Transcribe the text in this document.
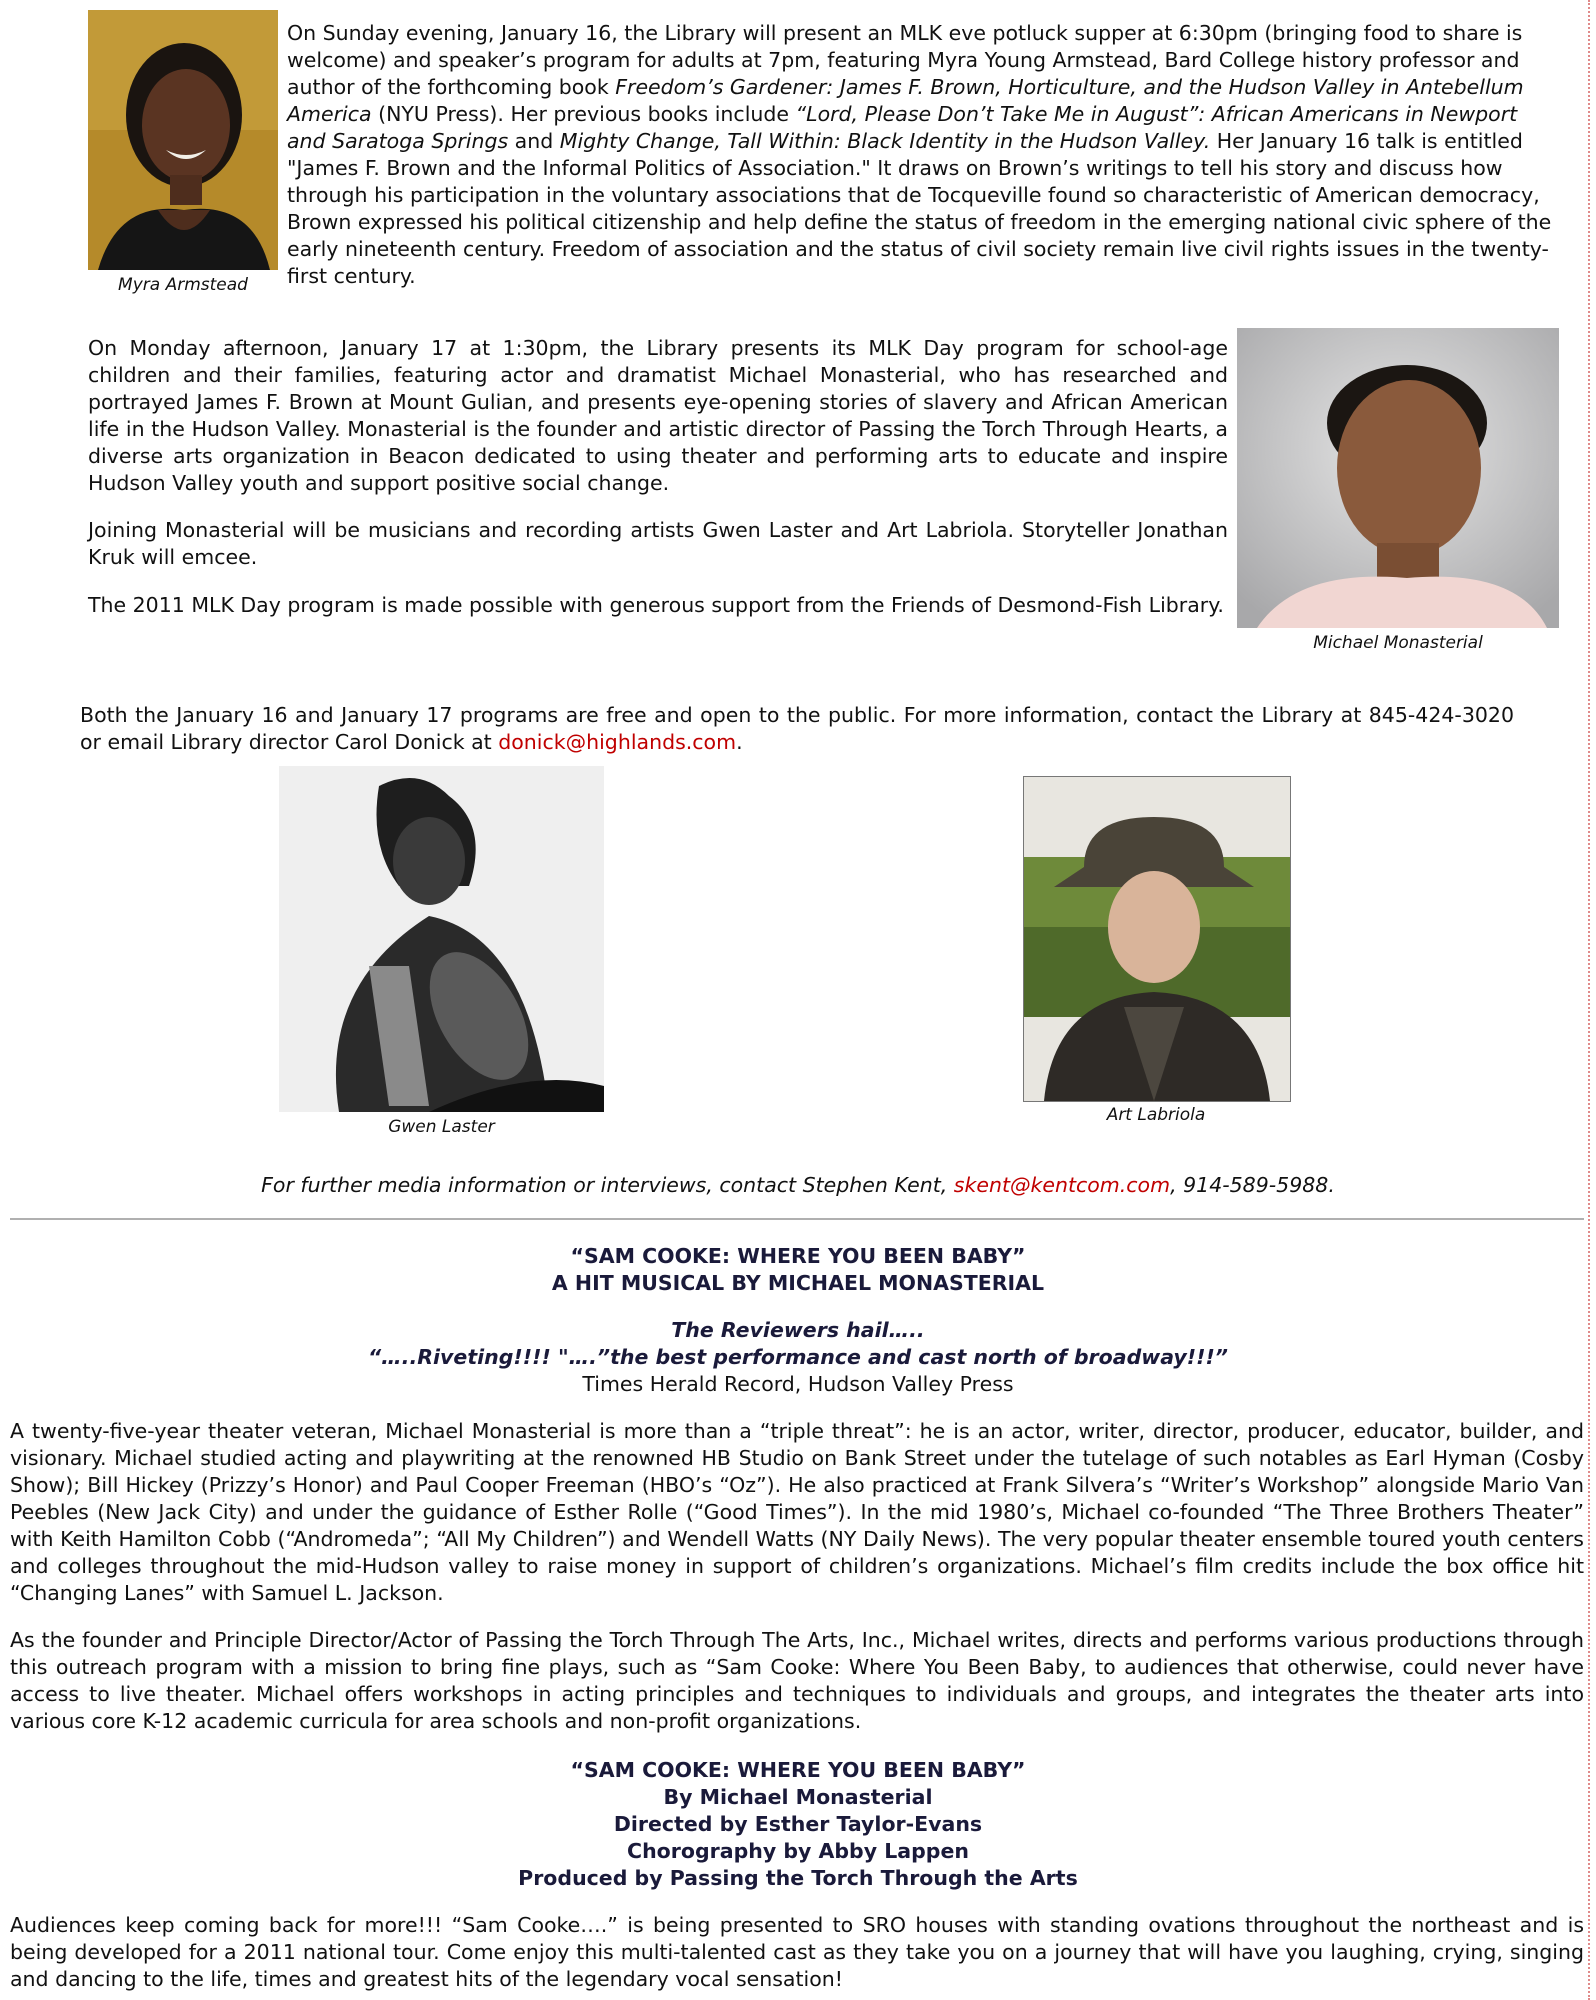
Myra Armstead

On Sunday evening, January 16, the Library will present an MLK eve potluck supper at 6:30pm (bringing food to share is welcome) and speaker’s program for adults at 7pm, featuring Myra Young Armstead, Bard College history professor and author of the forthcoming book Freedom’s Gardener: James F. Brown, Horticulture, and the Hudson Valley in Antebellum America (NYU Press). Her previous books include “Lord, Please Don’t Take Me in August”: African Americans in Newport and Saratoga Springs and Mighty Change, Tall Within: Black Identity in the Hudson Valley. Her January 16 talk is entitled "James F. Brown and the Informal Politics of Association." It draws on Brown’s writings to tell his story and discuss how through his participation in the voluntary associations that de Tocqueville found so characteristic of American democracy, Brown expressed his political citizenship and help define the status of freedom in the emerging national civic sphere of the early nineteenth century. Freedom of association and the status of civil society remain live civil rights issues in the twenty-first century.

Michael Monasterial

On Monday afternoon, January 17 at 1:30pm, the Library presents its MLK Day program for school-age children and their families, featuring actor and dramatist Michael Monasterial, who has researched and portrayed James F. Brown at Mount Gulian, and presents eye-opening stories of slavery and African American life in the Hudson Valley. Monasterial is the founder and artistic director of Passing the Torch Through Hearts, a diverse arts organization in Beacon dedicated to using theater and performing arts to educate and inspire Hudson Valley youth and support positive social change.

Joining Monasterial will be musicians and recording artists Gwen Laster and Art Labriola. Storyteller Jonathan Kruk will emcee.

The 2011 MLK Day program is made possible with generous support from the Friends of Desmond-Fish Library.

Both the January 16 and January 17 programs are free and open to the public. For more information, contact the Library at 845-424-3020 or email Library director Carol Donick at donick@highlands.com.

Gwen Laster
Art Labriola

For further media information or interviews, contact Stephen Kent, skent@kentcom.com, 914-589-5988.

“SAM COOKE: WHERE YOU BEEN BABY”
A HIT MUSICAL BY MICHAEL MONASTERIAL
The Reviewers hail…..
“…..Riveting!!!! "….”the best performance and cast north of broadway!!!”
Times Herald Record, Hudson Valley Press

A twenty-five-year theater veteran, Michael Monasterial is more than a “triple threat”: he is an actor, writer, director, producer, educator, builder, and visionary. Michael studied acting and playwriting at the renowned HB Studio on Bank Street under the tutelage of such notables as Earl Hyman (Cosby Show); Bill Hickey (Prizzy’s Honor) and Paul Cooper Freeman (HBO’s “Oz”). He also practiced at Frank Silvera’s “Writer’s Workshop” alongside Mario Van Peebles (New Jack City) and under the guidance of Esther Rolle (“Good Times”). In the mid 1980’s, Michael co-founded “The Three Brothers Theater” with Keith Hamilton Cobb (“Andromeda”; “All My Children”) and Wendell Watts (NY Daily News). The very popular theater ensemble toured youth centers and colleges throughout the mid-Hudson valley to raise money in support of children’s organizations. Michael’s film credits include the box office hit “Changing Lanes” with Samuel L. Jackson.

As the founder and Principle Director/Actor of Passing the Torch Through The Arts, Inc., Michael writes, directs and performs various productions through this outreach program with a mission to bring fine plays, such as “Sam Cooke: Where You Been Baby, to audiences that otherwise, could never have access to live theater. Michael offers workshops in acting principles and techniques to individuals and groups, and integrates the theater arts into various core K-12 academic curricula for area schools and non-profit organizations.

“SAM COOKE: WHERE YOU BEEN BABY”
By Michael Monasterial
Directed by Esther Taylor-Evans
Chorography by Abby Lappen
Produced by Passing the Torch Through the Arts

Audiences keep coming back for more!!! “Sam Cooke….” is being presented to SRO houses with standing ovations throughout the northeast and is being developed for a 2011 national tour. Come enjoy this multi-talented cast as they take you on a journey that will have you laughing, crying, singing and dancing to the life, times and greatest hits of the legendary vocal sensation!
